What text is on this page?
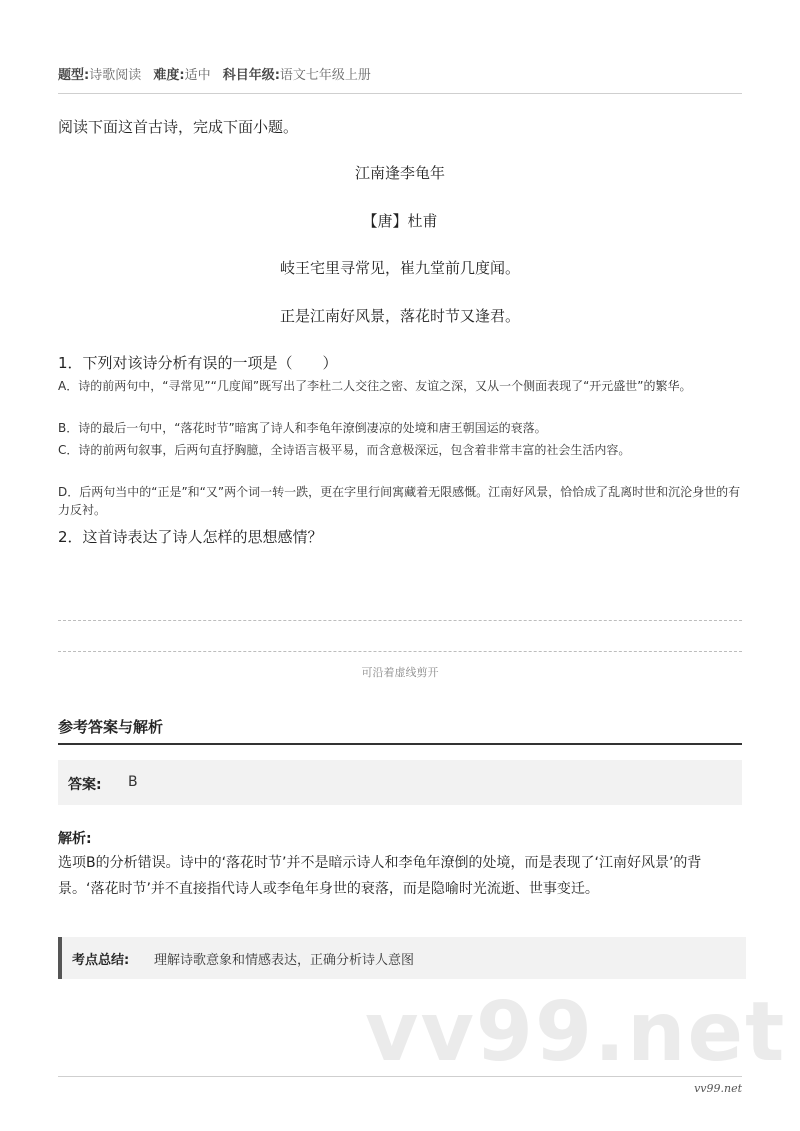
题型:诗歌阅读 难度:适中 科目年级:语文七年级上册
阅读下面这首古诗，完成下面小题。
江南逢李龟年
【唐】杜甫
岐王宅里寻常见，崔九堂前几度闻。
正是江南好风景，落花时节又逢君。
1．下列对该诗分析有误的一项是（　　）
A．诗的前两句中，“寻常见”“几度闻”既写出了李杜二人交往之密、友谊之深，又从一个侧面表现了“开元盛世”的繁华。
B．诗的最后一句中，“落花时节”暗寓了诗人和李龟年潦倒凄凉的处境和唐王朝国运的衰落。
C．诗的前两句叙事，后两句直抒胸臆，全诗语言极平易，而含意极深远，包含着非常丰富的社会生活内容。
D．后两句当中的“正是”和“又”两个词一转一跌，更在字里行间寓藏着无限感慨。江南好风景，恰恰成了乱离时世和沉沦身世的有力反衬。
2．这首诗表达了诗人怎样的思想感情？
可沿着虚线剪开
参考答案与解析
答案: B
解析:
选项B的分析错误。诗中的‘落花时节’并不是暗示诗人和李龟年潦倒的处境，而是表现了‘江南好风景’的背景。‘落花时节’并不直接指代诗人或李龟年身世的衰落，而是隐喻时光流逝、世事变迁。
考点总结: 理解诗歌意象和情感表达，正确分析诗人意图
vv99.net
vv99.net
